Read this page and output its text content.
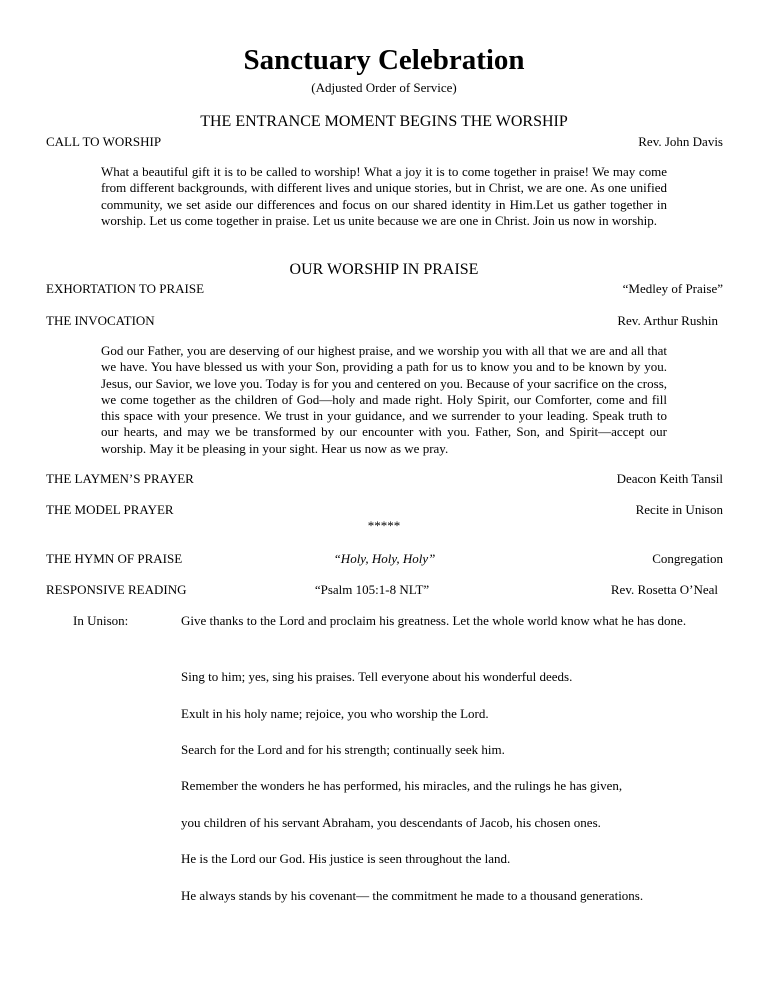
Sanctuary Celebration
(Adjusted Order of Service)
THE ENTRANCE MOMENT BEGINS THE WORSHIP
CALL TO WORSHIP	Rev. John Davis
What a beautiful gift it is to be called to worship! What a joy it is to come together in praise! We may come from different backgrounds, with different lives and unique stories, but in Christ, we are one. As one unified community, we set aside our differences and focus on our shared identity in Him.Let us gather together in worship. Let us come together in praise. Let us unite because we are one in Christ. Join us now in worship.
OUR WORSHIP IN PRAISE
EXHORTATION TO PRAISE	“Medley of Praise”
THE INVOCATION	Rev. Arthur Rushin
God our Father, you are deserving of our highest praise, and we worship you with all that we are and all that we have. You have blessed us with your Son, providing a path for us to know you and to be known by you. Jesus, our Savior, we love you. Today is for you and centered on you. Because of your sacrifice on the cross, we come together as the children of God—holy and made right. Holy Spirit, our Comforter, come and fill this space with your presence. We trust in your guidance, and we surrender to your leading. Speak truth to our hearts, and may we be transformed by our encounter with you. Father, Son, and Spirit—accept our worship. May it be pleasing in your sight. Hear us now as we pray.
THE LAYMEN’S PRAYER	Deacon Keith Tansil
THE MODEL PRAYER	Recite in Unison
*****
THE HYMN OF PRAISE	“Holy, Holy, Holy”	Congregation
RESPONSIVE READING	“Psalm 105:1-8 NLT”	Rev. Rosetta O’Neal
In Unison:	Give thanks to the Lord and proclaim his greatness. Let the whole world know what he has done.
Sing to him; yes, sing his praises. Tell everyone about his wonderful deeds.
Exult in his holy name; rejoice, you who worship the Lord.
Search for the Lord and for his strength; continually seek him.
Remember the wonders he has performed, his miracles, and the rulings he has given,
you children of his servant Abraham, you descendants of Jacob, his chosen ones.
He is the Lord our God. His justice is seen throughout the land.
He always stands by his covenant— the commitment he made to a thousand generations.
